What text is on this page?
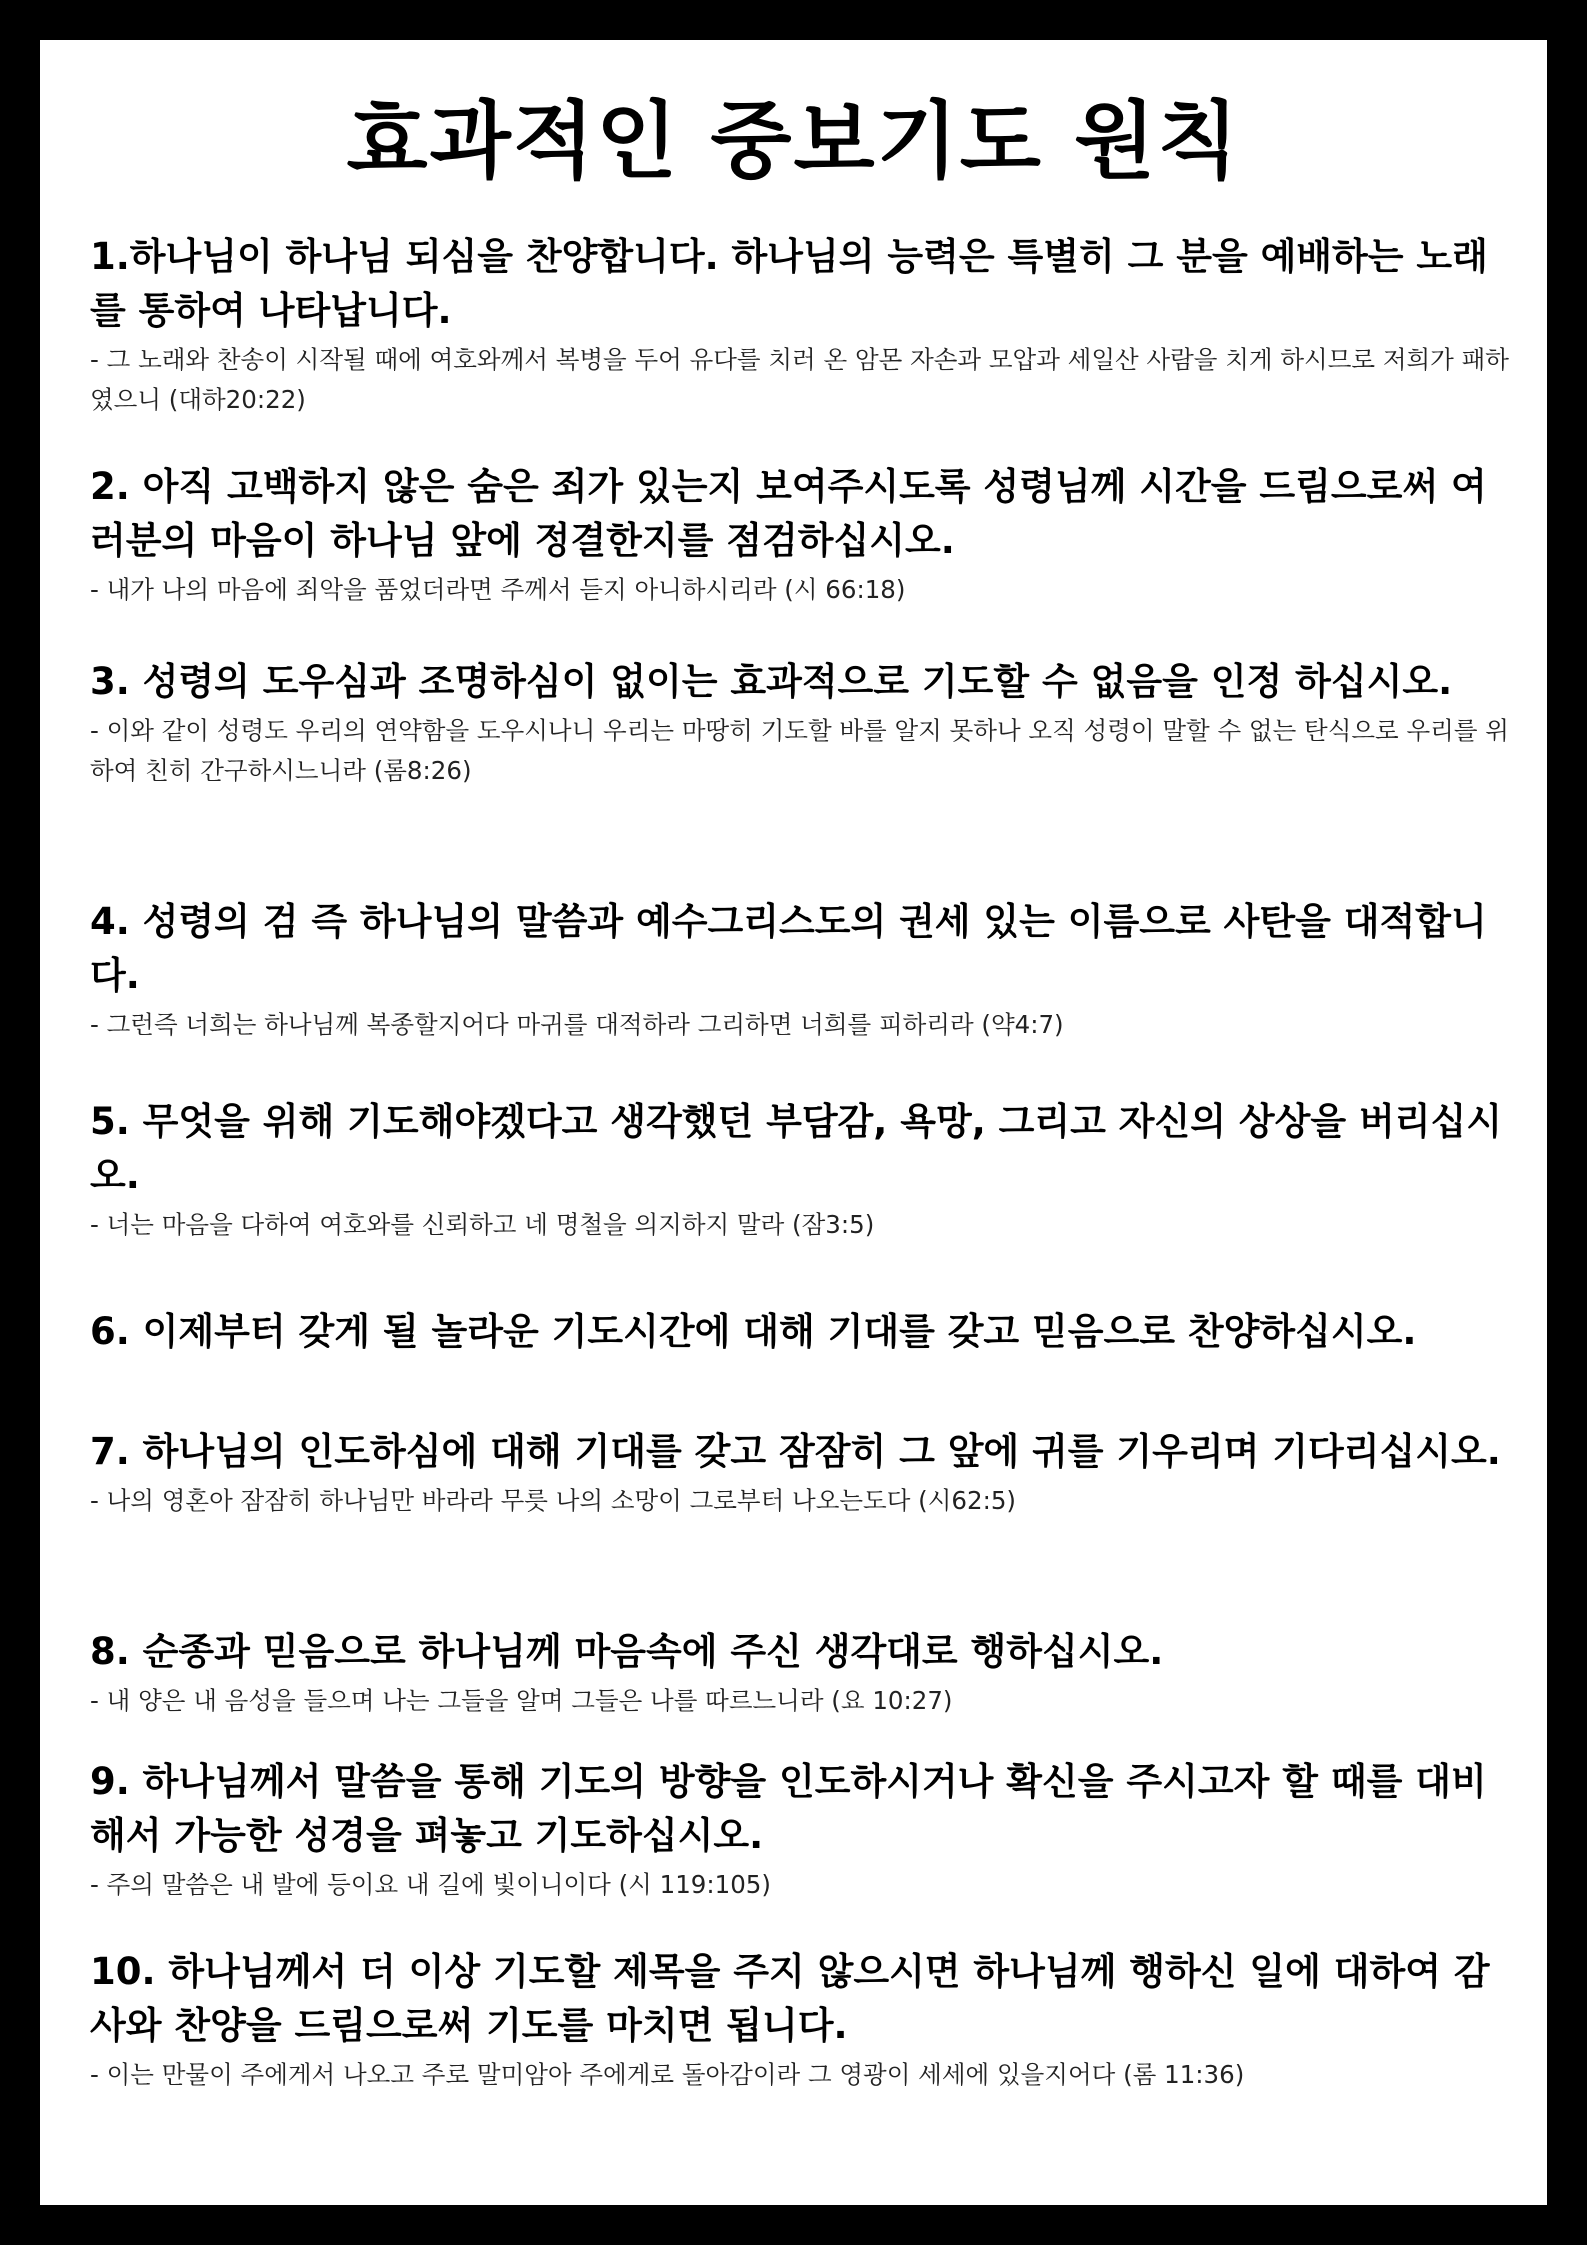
효과적인 중보기도 원칙
1.하나님이 하나님 되심을 찬양합니다. 하나님의 능력은 특별히 그 분을 예배하는 노래를 통하여 나타납니다.
- 그 노래와 찬송이 시작될 때에 여호와께서 복병을 두어 유다를 치러 온 암몬 자손과 모압과 세일산 사람을 치게 하시므로 저희가 패하였으니 (대하20:22)
2. 아직 고백하지 않은 숨은 죄가 있는지 보여주시도록 성령님께 시간을 드림으로써 여러분의 마음이 하나님 앞에 정결한지를 점검하십시오.
- 내가 나의 마음에 죄악을 품었더라면 주께서 듣지 아니하시리라 (시 66:18)
3. 성령의 도우심과 조명하심이 없이는 효과적으로 기도할 수 없음을 인정 하십시오.
- 이와 같이 성령도 우리의 연약함을 도우시나니 우리는 마땅히 기도할 바를 알지 못하나 오직 성령이 말할 수 없는 탄식으로 우리를 위하여 친히 간구하시느니라 (롬8:26)
4. 성령의 검 즉 하나님의 말씀과 예수그리스도의 권세 있는 이름으로 사탄을 대적합니다.
- 그런즉 너희는 하나님께 복종할지어다 마귀를 대적하라 그리하면 너희를 피하리라 (약4:7)
5. 무엇을 위해 기도해야겠다고 생각했던 부담감, 욕망, 그리고 자신의 상상을 버리십시오.
- 너는 마음을 다하여 여호와를 신뢰하고 네 명철을 의지하지 말라 (잠3:5)
6. 이제부터 갖게 될 놀라운 기도시간에 대해 기대를 갖고 믿음으로 찬양하십시오.
7. 하나님의 인도하심에 대해 기대를 갖고 잠잠히 그 앞에 귀를 기우리며 기다리십시오.
- 나의 영혼아 잠잠히 하나님만 바라라 무릇 나의 소망이 그로부터 나오는도다 (시62:5)
8. 순종과 믿음으로 하나님께 마음속에 주신 생각대로 행하십시오.
- 내 양은 내 음성을 들으며 나는 그들을 알며 그들은 나를 따르느니라 (요 10:27)
9. 하나님께서 말씀을 통해 기도의 방향을 인도하시거나 확신을 주시고자 할 때를 대비해서 가능한 성경을 펴놓고 기도하십시오.
- 주의 말씀은 내 발에 등이요 내 길에 빛이니이다 (시 119:105)
10. 하나님께서 더 이상 기도할 제목을 주지 않으시면 하나님께 행하신 일에 대하여 감사와 찬양을 드림으로써 기도를 마치면 됩니다.
- 이는 만물이 주에게서 나오고 주로 말미암아 주에게로 돌아감이라 그 영광이 세세에 있을지어다 (롬 11:36)
